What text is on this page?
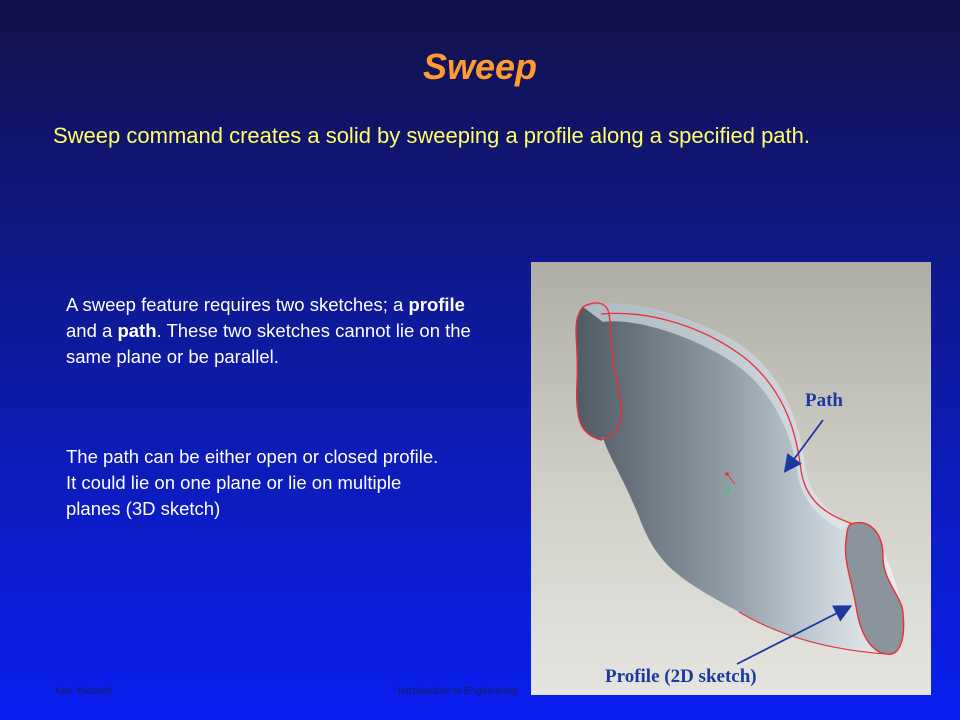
Sweep
Sweep command creates a solid by sweeping a profile along a specified path.
A sweep feature requires two sketches; a profile and a path. These two sketches cannot lie on the same plane or be parallel.
The path can be either open or closed profile. It could lie on one plane or lie on multiple planes (3D sketch)
Path
Profile (2D sketch)
Ken Youssefi	Introduction to Engineering
